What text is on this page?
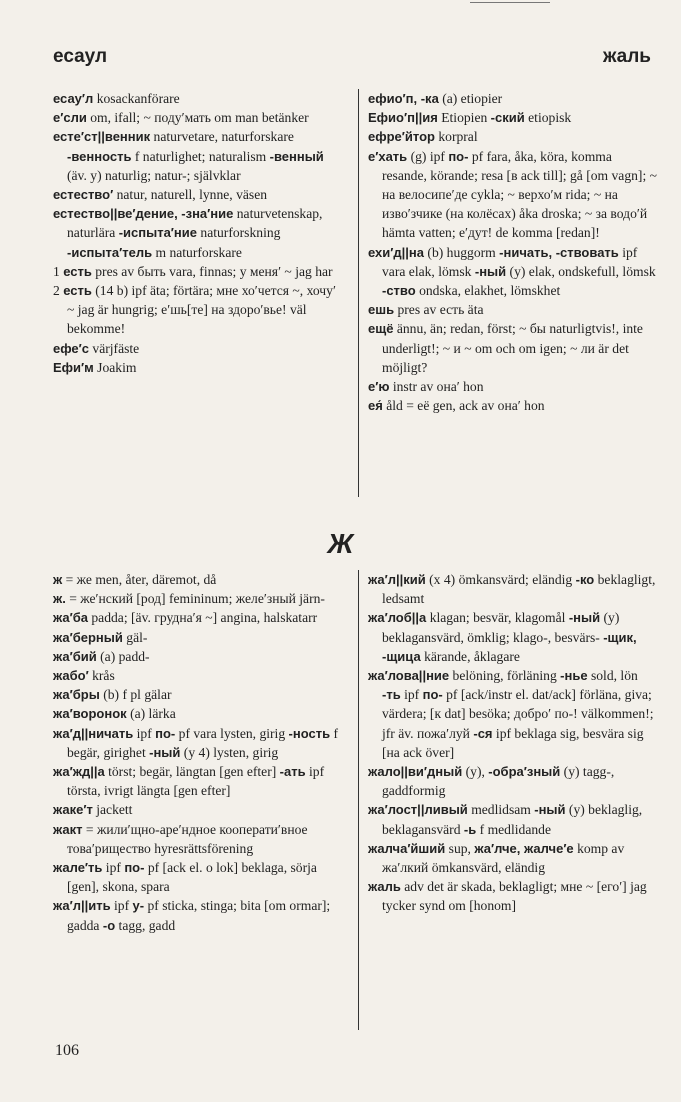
есаул	жаль

есау′л kosackanförare

е′сли om, ifall; ~ поду′мать om man betänker

есте′ст||венник naturvetare, naturforskare -венность f naturlighet; naturalism -венный (äv. y) naturlig; natur-; självklar

естество′ natur, naturell, lynne, väsen

естество||ве′дение, -зна′ние naturvetenskap, naturlära -испыта′ние naturforskning -испыта′тель m naturforskare

1 есть pres av быть vara, finnas; у меня′ ~ jag har

2 есть (14 b) ipf äta; förtära; мне хо′чется ~, хочу′ ~ jag är hungrig; е′шь[те] на здоро′вье! väl bekomme!

ефе′с värjfäste

Ефи′м Joakim

ефио′п, -ка (a) etiopier

Ефио′п||ия Etiopien -ский etiopisk

ефре′йтор korpral

е′хать (g) ipf по- pf fara, åka, köra, komma resande, körande; resa [в ack till]; gå [om vagn]; ~ на велосипе′де cykla; ~ верхо′м rida; ~ на изво′зчике (на колёсах) åka droska; ~ за водо′й hämta vatten; е′дут! de komma [redan]!

ехи′д||на (b) huggorm -ничать, -ствовать ipf vara elak, lömsk -ный (y) elak, ondskefull, lömsk -ство ondska, elakhet, lömskhet

ешь pres av есть äta

ещё ännu, än; redan, först; ~ бы naturligtvis!, inte underligt!; ~ и ~ om och om igen; ~ ли är det möjligt?

е′ю instr av она′ hon

ея́ åld = её gen, ack av она′ hon

Ж

ж = же men, åter, däremot, då

ж. = же′нский [род] femininum; желе′зный järn-

жа′ба padda; [äv. грудна′я ~] angina, halskatarr

жа′берный gäl-

жа′бий (a) padd-

жабо′ krås

жа′бры (b) f pl gälar

жа′воронок (a) lärka

жа′д||ничать ipf по- pf vara lysten, girig -ность f begär, girighet -ный (y 4) lysten, girig

жа′жд||а törst; begär, längtan [gen efter] -ать ipf törsta, ivrigt längta [gen efter]

жаке′т jackett

жакт = жили′щно-аре′ндное кооперати′вное това′рищество hyresrättsförening

жале′ть ipf по- pf [ack el. o lok] beklaga, sörja [gen], skona, spara

жа′л||ить ipf у- pf sticka, stinga; bita [om ormar]; gadda -о tagg, gadd

жа′л||кий (x 4) ömkansvärd; eländig -ко beklagligt, ledsamt

жа′лоб||а klagan; besvär, klagomål -ный (y) beklagansvärd, ömklig; klago-, besvärs- -щик, -щица kärande, åklagare

жа′лова||ние belöning, förläning -нье sold, lön -ть ipf по- pf [ack/instr el. dat/ack] förläna, giva; värdera; [к dat] besöka; добро′ по-! välkommen!; jfr äv. пожа′луй -ся ipf beklaga sig, besvära sig [на ack över]

жало||ви′дный (y), -обра′зный (y) tagg-, gaddformig

жа′лост||ливый medlidsam -ный (y) beklaglig, beklagansvärd -ь f medlidande

жалча′йший sup, жа′лче, жалче′е komp av жа′лкий ömkansvärd, eländig

жаль adv det är skada, beklagligt; мне ~ [его′] jag tycker synd om [honom]

106
